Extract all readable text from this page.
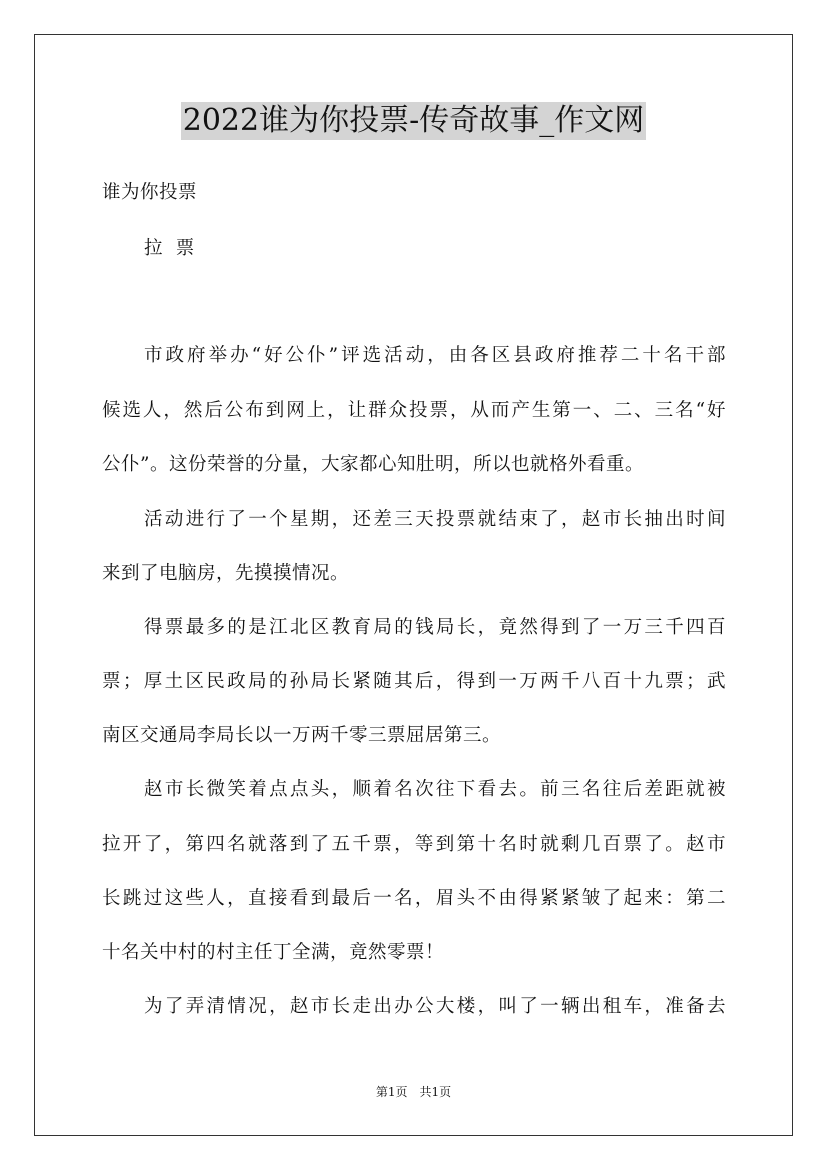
2022谁为你投票-传奇故事_作文网
谁为你投票
拉  票
市政府举办“好公仆”评选活动，由各区县政府推荐二十名干部
候选人，然后公布到网上，让群众投票，从而产生第一、二、三名“好
公仆”。这份荣誉的分量，大家都心知肚明，所以也就格外看重。
活动进行了一个星期，还差三天投票就结束了，赵市长抽出时间
来到了电脑房，先摸摸情况。
得票最多的是江北区教育局的钱局长，竟然得到了一万三千四百
票；厚土区民政局的孙局长紧随其后，得到一万两千八百十九票；武
南区交通局李局长以一万两千零三票屈居第三。
赵市长微笑着点点头，顺着名次往下看去。前三名往后差距就被
拉开了，第四名就落到了五千票，等到第十名时就剩几百票了。赵市
长跳过这些人，直接看到最后一名，眉头不由得紧紧皱了起来：第二
十名关中村的村主任丁全满，竟然零票！
为了弄清情况，赵市长走出办公大楼，叫了一辆出租车，准备去
第1页 共1页
